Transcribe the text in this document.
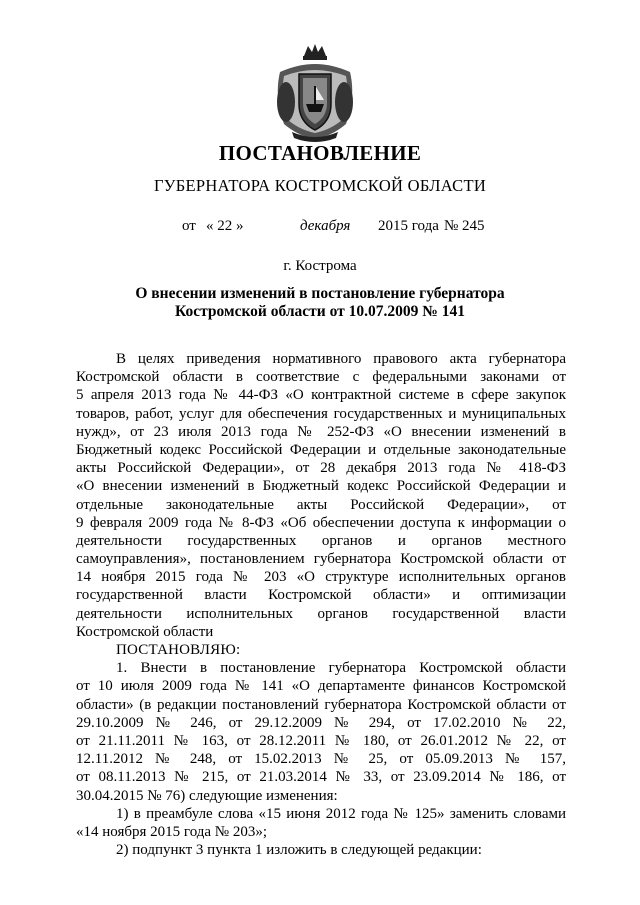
ПОСТАНОВЛЕНИЕ
ГУБЕРНАТОРА КОСТРОМСКОЙ ОБЛАСТИ
от « 22 »	декабря 2015 года № 245
г. Кострома
О внесении изменений в постановление губернатора
Костромской области от 10.07.2009 № 141
В целях приведения нормативного правового акта губернатора
Костромской области в соответствие с федеральными законами от
5 апреля 2013 года № 44-ФЗ «О контрактной системе в сфере закупок
товаров, работ, услуг для обеспечения государственных и муниципальных
нужд», от 23 июля 2013 года № 252-ФЗ «О внесении изменений в
Бюджетный кодекс Российской Федерации и отдельные законодательные
акты Российской Федерации», от 28 декабря 2013 года № 418-ФЗ
«О внесении изменений в Бюджетный кодекс Российской Федерации и
отдельные законодательные акты Российской Федерации», от
9 февраля 2009 года № 8-ФЗ «Об обеспечении доступа к информации о
деятельности государственных органов и органов местного
самоуправления», постановлением губернатора Костромской области от
14 ноября 2015 года № 203 «О структуре исполнительных органов
государственной власти Костромской области» и оптимизации
деятельности исполнительных органов государственной власти
Костромской области
ПОСТАНОВЛЯЮ:
1. Внести в постановление губернатора Костромской области
от 10 июля 2009 года № 141 «О департаменте финансов Костромской
области» (в редакции постановлений губернатора Костромской области от
29.10.2009 № 246, от 29.12.2009 № 294, от 17.02.2010 № 22,
от 21.11.2011 № 163, от 28.12.2011 № 180, от 26.01.2012 № 22, от
12.11.2012 № 248, от 15.02.2013 № 25, от 05.09.2013 № 157,
от 08.11.2013 № 215, от 21.03.2014 № 33, от 23.09.2014 № 186, от
30.04.2015 № 76) следующие изменения:
1) в преамбуле слова «15 июня 2012 года № 125» заменить словами
«14 ноября 2015 года № 203»;
2) подпункт 3 пункта 1 изложить в следующей редакции:
